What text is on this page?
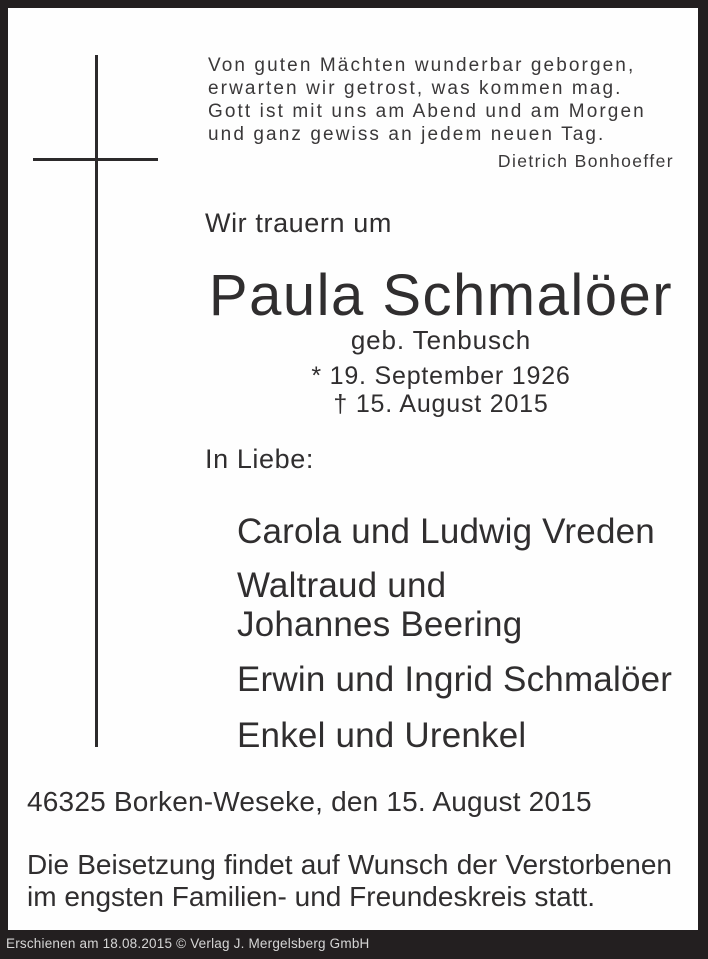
Von guten Mächten wunderbar geborgen,
erwarten wir getrost, was kommen mag.
Gott ist mit uns am Abend und am Morgen
und ganz gewiss an jedem neuen Tag.
Dietrich Bonhoeffer
Wir trauern um
Paula Schmalöer
geb. Tenbusch
* 19. September 1926
† 15. August 2015
In Liebe:
Carola und Ludwig Vreden
Waltraud und
Johannes Beering
Erwin und Ingrid Schmalöer
Enkel und Urenkel
46325 Borken-Weseke, den 15. August 2015
Die Beisetzung findet auf Wunsch der Verstorbenen
im engsten Familien- und Freundeskreis statt.
Erschienen am 18.08.2015 © Verlag J. Mergelsberg GmbH
